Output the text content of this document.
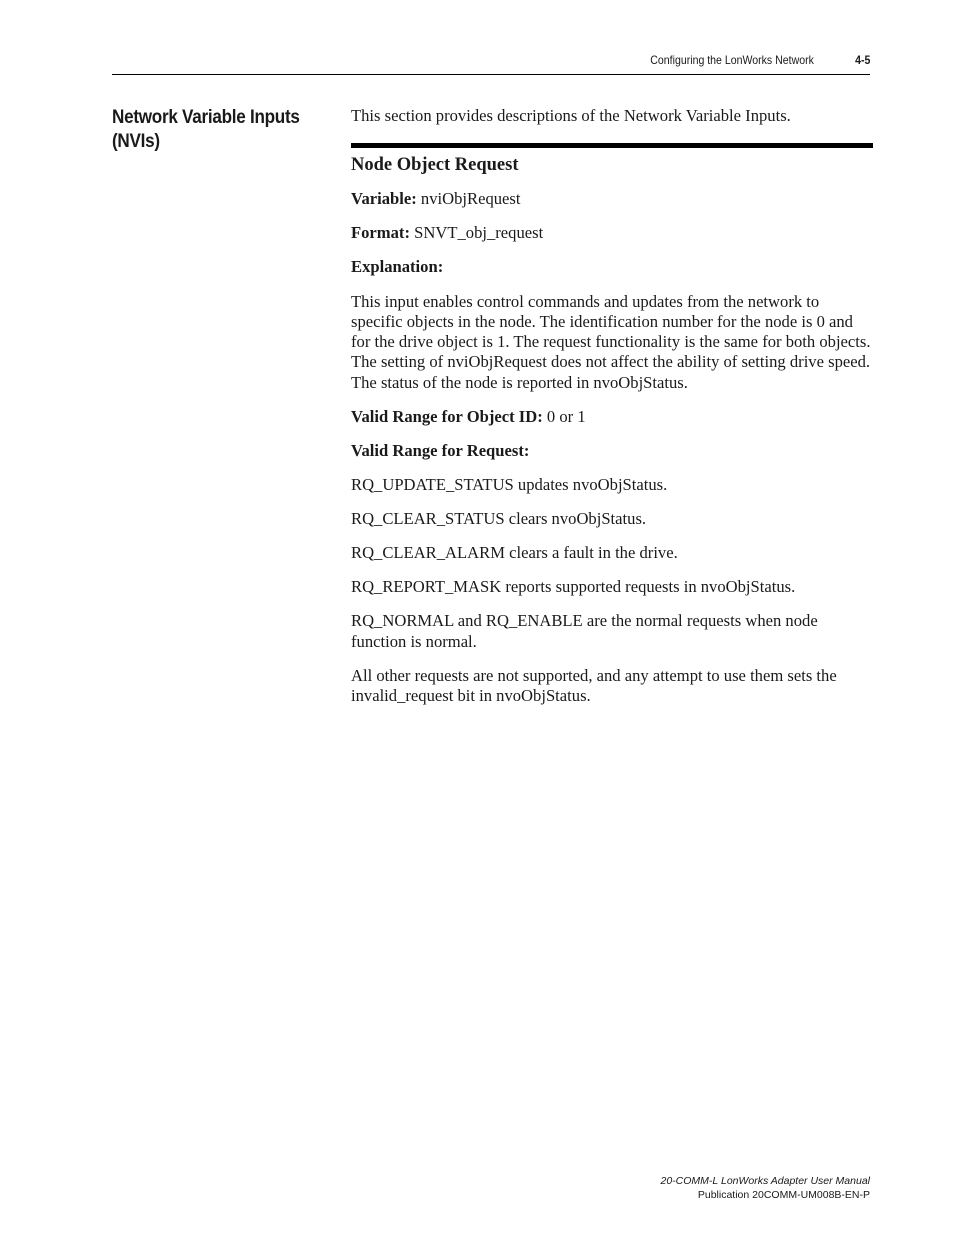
Configuring the LonWorks Network	4-5
Network Variable Inputs (NVIs)

This section provides descriptions of the Network Variable Inputs.

Node Object Request

Variable: nviObjRequest

Format: SNVT_obj_request

Explanation:

This input enables control commands and updates from the network to specific objects in the node. The identification number for the node is 0 and for the drive object is 1. The request functionality is the same for both objects. The setting of nviObjRequest does not affect the ability of setting drive speed. The status of the node is reported in nvoObjStatus.

Valid Range for Object ID: 0 or 1

Valid Range for Request:

RQ_UPDATE_STATUS updates nvoObjStatus.

RQ_CLEAR_STATUS clears nvoObjStatus.

RQ_CLEAR_ALARM clears a fault in the drive.

RQ_REPORT_MASK reports supported requests in nvoObjStatus.

RQ_NORMAL and RQ_ENABLE are the normal requests when node function is normal.

All other requests are not supported, and any attempt to use them sets the invalid_request bit in nvoObjStatus.

20-COMM-L LonWorks Adapter User Manual
Publication 20COMM-UM008B-EN-P
